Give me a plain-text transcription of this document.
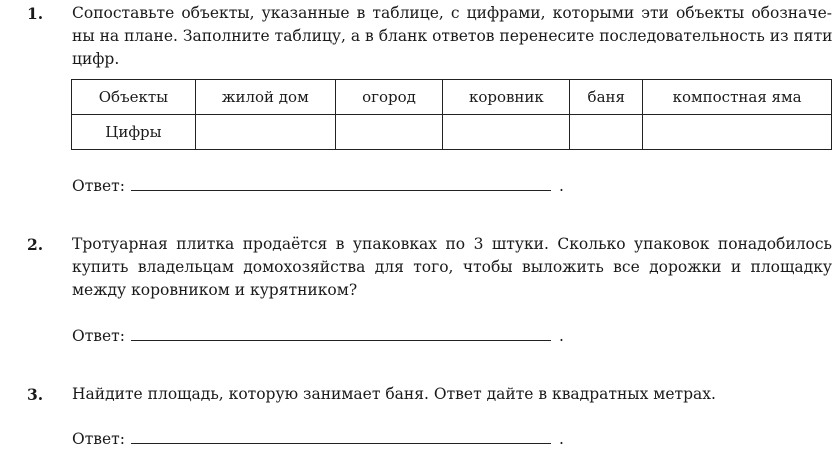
1. Сопоставьте объекты, указанные в таблице, с цифрами, которыми эти объекты обозначе-
ны на плане. Заполните таблицу, а в бланк ответов перенесите последовательность из пяти
цифр.
Объекты	жилой дом	огород	коровник	баня	компостная яма
Цифры					
Ответ:	.
2. Тротуарная плитка продаётся в упаковках по 3 штуки. Сколько упаковок понадобилось
купить владельцам домохозяйства для того, чтобы выложить все дорожки и площадку
между коровником и курятником?
Ответ:	.
3. Найдите площадь, которую занимает баня. Ответ дайте в квадратных метрах.
Ответ:	.
